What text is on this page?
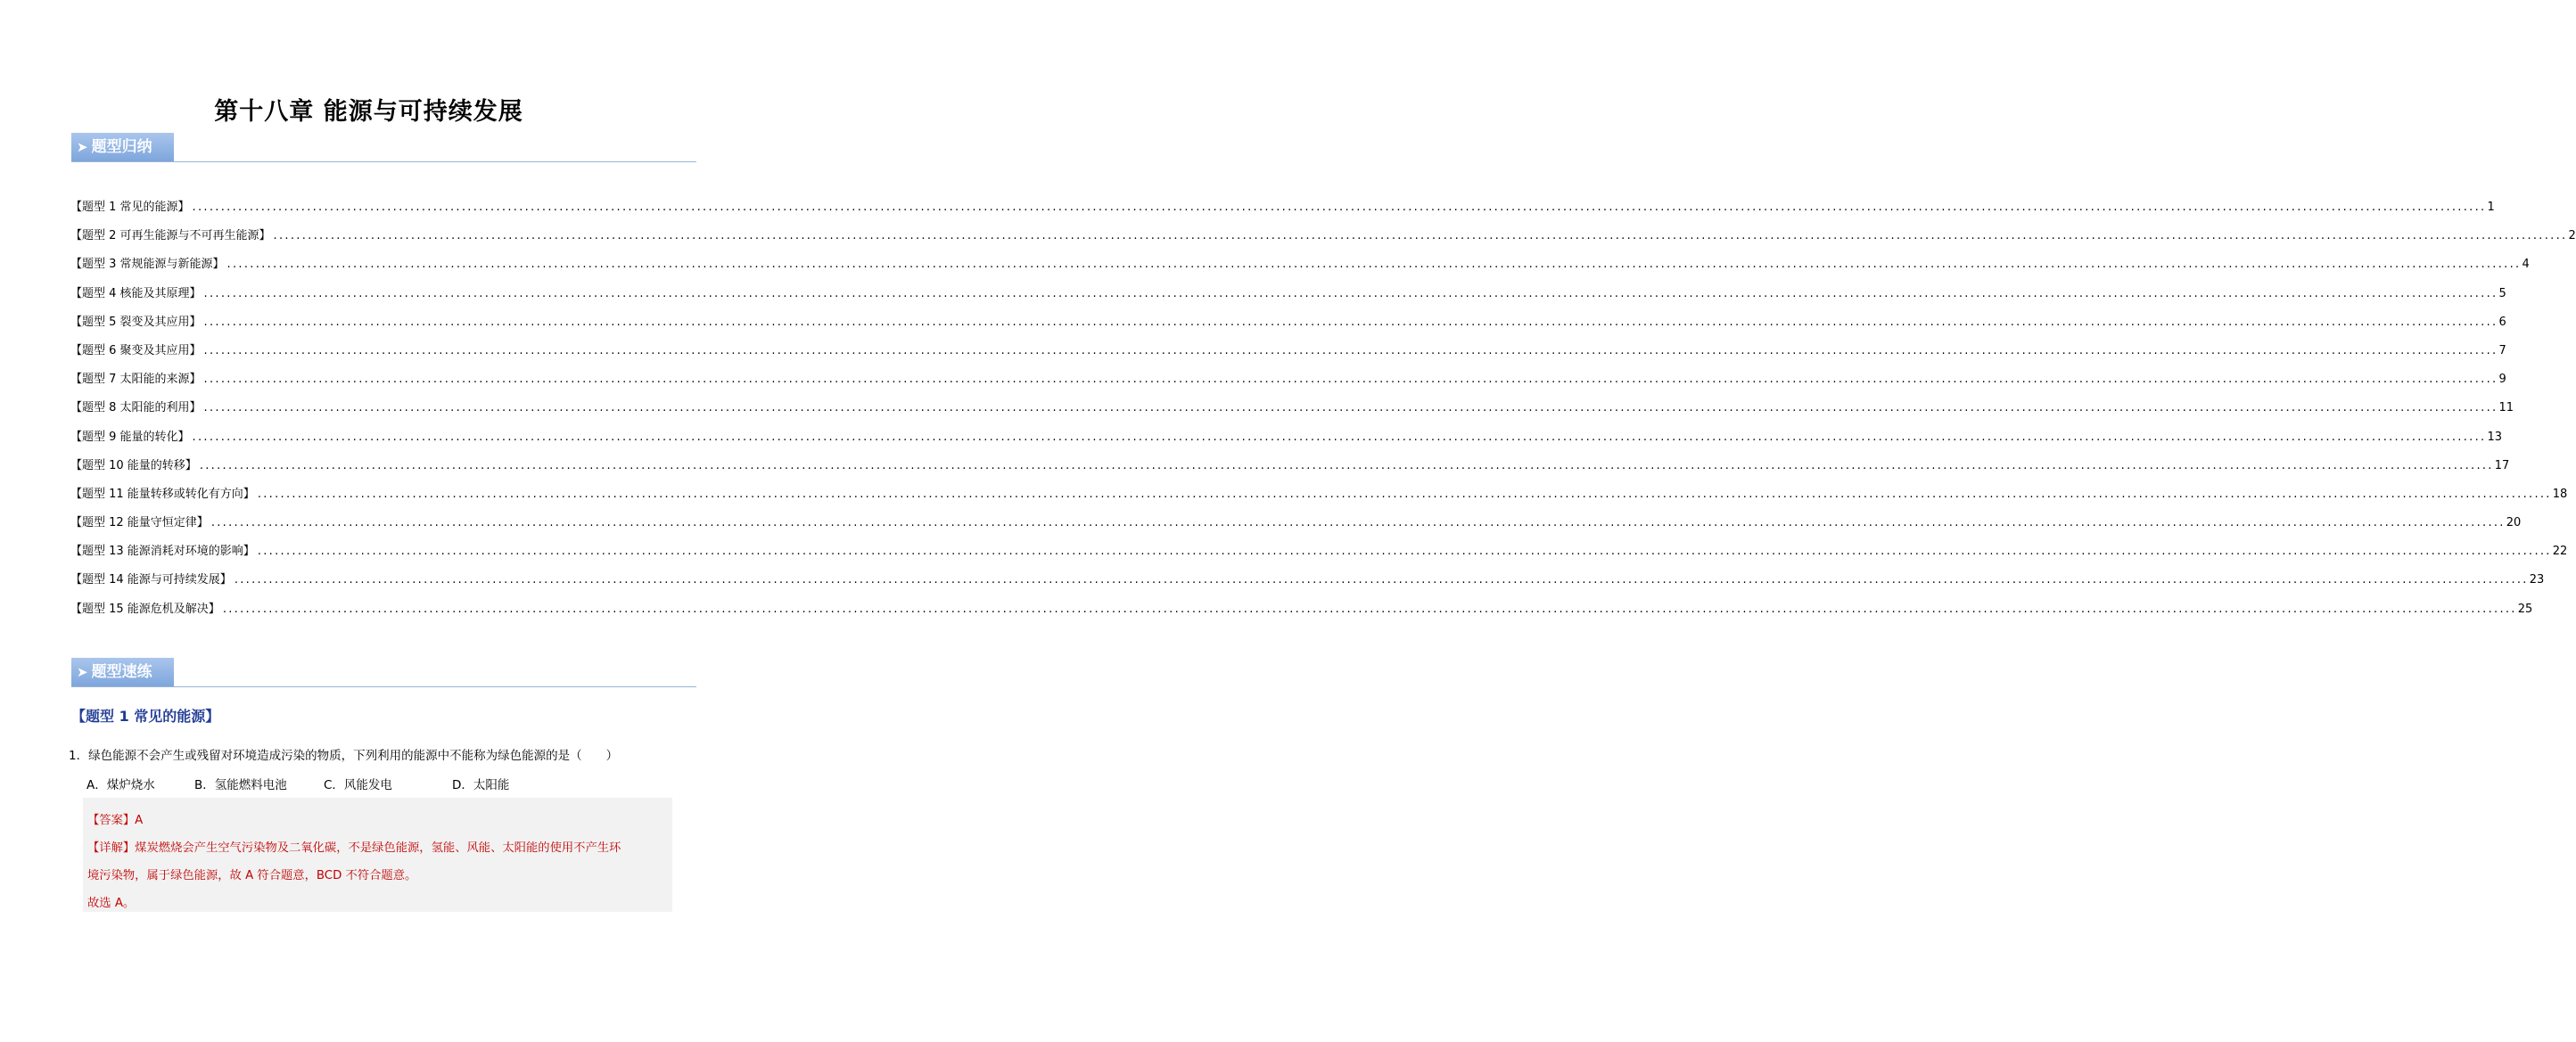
第十八章 能源与可持续发展
➤ 题型归纳
【题型 1 常见的能源】 ................................................................................................................................................................................................................................................................................................................................................................................................................ 1
【题型 2 可再生能源与不可再生能源】 ................................................................................................................................................................................................................................................................................................................................................................................................................ 2
【题型 3 常规能源与新能源】 ................................................................................................................................................................................................................................................................................................................................................................................................................ 4
【题型 4 核能及其原理】 ................................................................................................................................................................................................................................................................................................................................................................................................................ 5
【题型 5 裂变及其应用】 ................................................................................................................................................................................................................................................................................................................................................................................................................ 6
【题型 6 聚变及其应用】 ................................................................................................................................................................................................................................................................................................................................................................................................................ 7
【题型 7 太阳能的来源】 ................................................................................................................................................................................................................................................................................................................................................................................................................ 9
【题型 8 太阳能的利用】 ................................................................................................................................................................................................................................................................................................................................................................................................................ 11
【题型 9 能量的转化】 ................................................................................................................................................................................................................................................................................................................................................................................................................ 13
【题型 10 能量的转移】 ................................................................................................................................................................................................................................................................................................................................................................................................................ 17
【题型 11 能量转移或转化有方向】 ................................................................................................................................................................................................................................................................................................................................................................................................................ 18
【题型 12 能量守恒定律】 ................................................................................................................................................................................................................................................................................................................................................................................................................ 20
【题型 13 能源消耗对环境的影响】 ................................................................................................................................................................................................................................................................................................................................................................................................................ 22
【题型 14 能源与可持续发展】 ................................................................................................................................................................................................................................................................................................................................................................................................................ 23
【题型 15 能源危机及解决】 ................................................................................................................................................................................................................................................................................................................................................................................................................ 25
➤ 题型速练
【题型 1 常见的能源】
1．绿色能源不会产生或残留对环境造成污染的物质，下列利用的能源中不能称为绿色能源的是（　　）
A．煤炉烧水	B．氢能燃料电池	C．风能发电	D．太阳能
【答案】A
【详解】煤炭燃烧会产生空气污染物及二氧化碳，不是绿色能源，氢能、风能、太阳能的使用不产生环
境污染物，属于绿色能源，故 A 符合题意，BCD 不符合题意。
故选 A。
